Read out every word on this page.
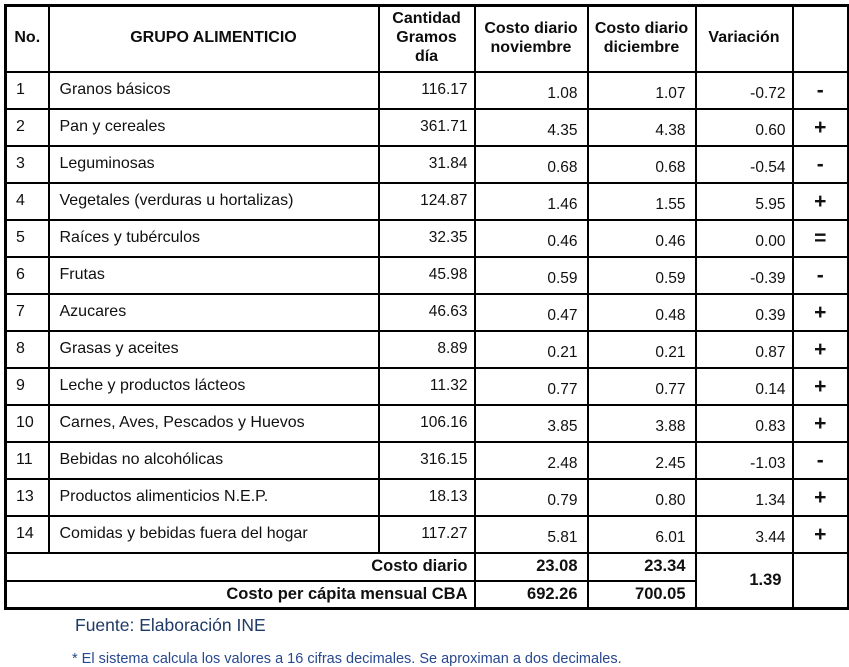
No.	GRUPO ALIMENTICIO	Cantidad Gramos día	Costo diario noviembre	Costo diario diciembre	Variación	
1	Granos básicos	116.17	1.08	1.07	-0.72	-
2	Pan y cereales	361.71	4.35	4.38	0.60	+
3	Leguminosas	31.84	0.68	0.68	-0.54	-
4	Vegetales (verduras u hortalizas)	124.87	1.46	1.55	5.95	+
5	Raíces y tubérculos	32.35	0.46	0.46	0.00	=
6	Frutas	45.98	0.59	0.59	-0.39	-
7	Azucares	46.63	0.47	0.48	0.39	+
8	Grasas y aceites	8.89	0.21	0.21	0.87	+
9	Leche y productos lácteos	11.32	0.77	0.77	0.14	+
10	Carnes, Aves, Pescados y Huevos	106.16	3.85	3.88	0.83	+
11	Bebidas no alcohólicas	316.15	2.48	2.45	-1.03	-
13	Productos alimenticios N.E.P.	18.13	0.79	0.80	1.34	+
14	Comidas y bebidas fuera del hogar	117.27	5.81	6.01	3.44	+
Costo diario			23.08	23.34	1.39	
Costo per cápita mensual CBA			692.26	700.05		
Fuente: Elaboración INE
* El sistema calcula los valores a 16 cifras decimales. Se aproximan a dos decimales.
